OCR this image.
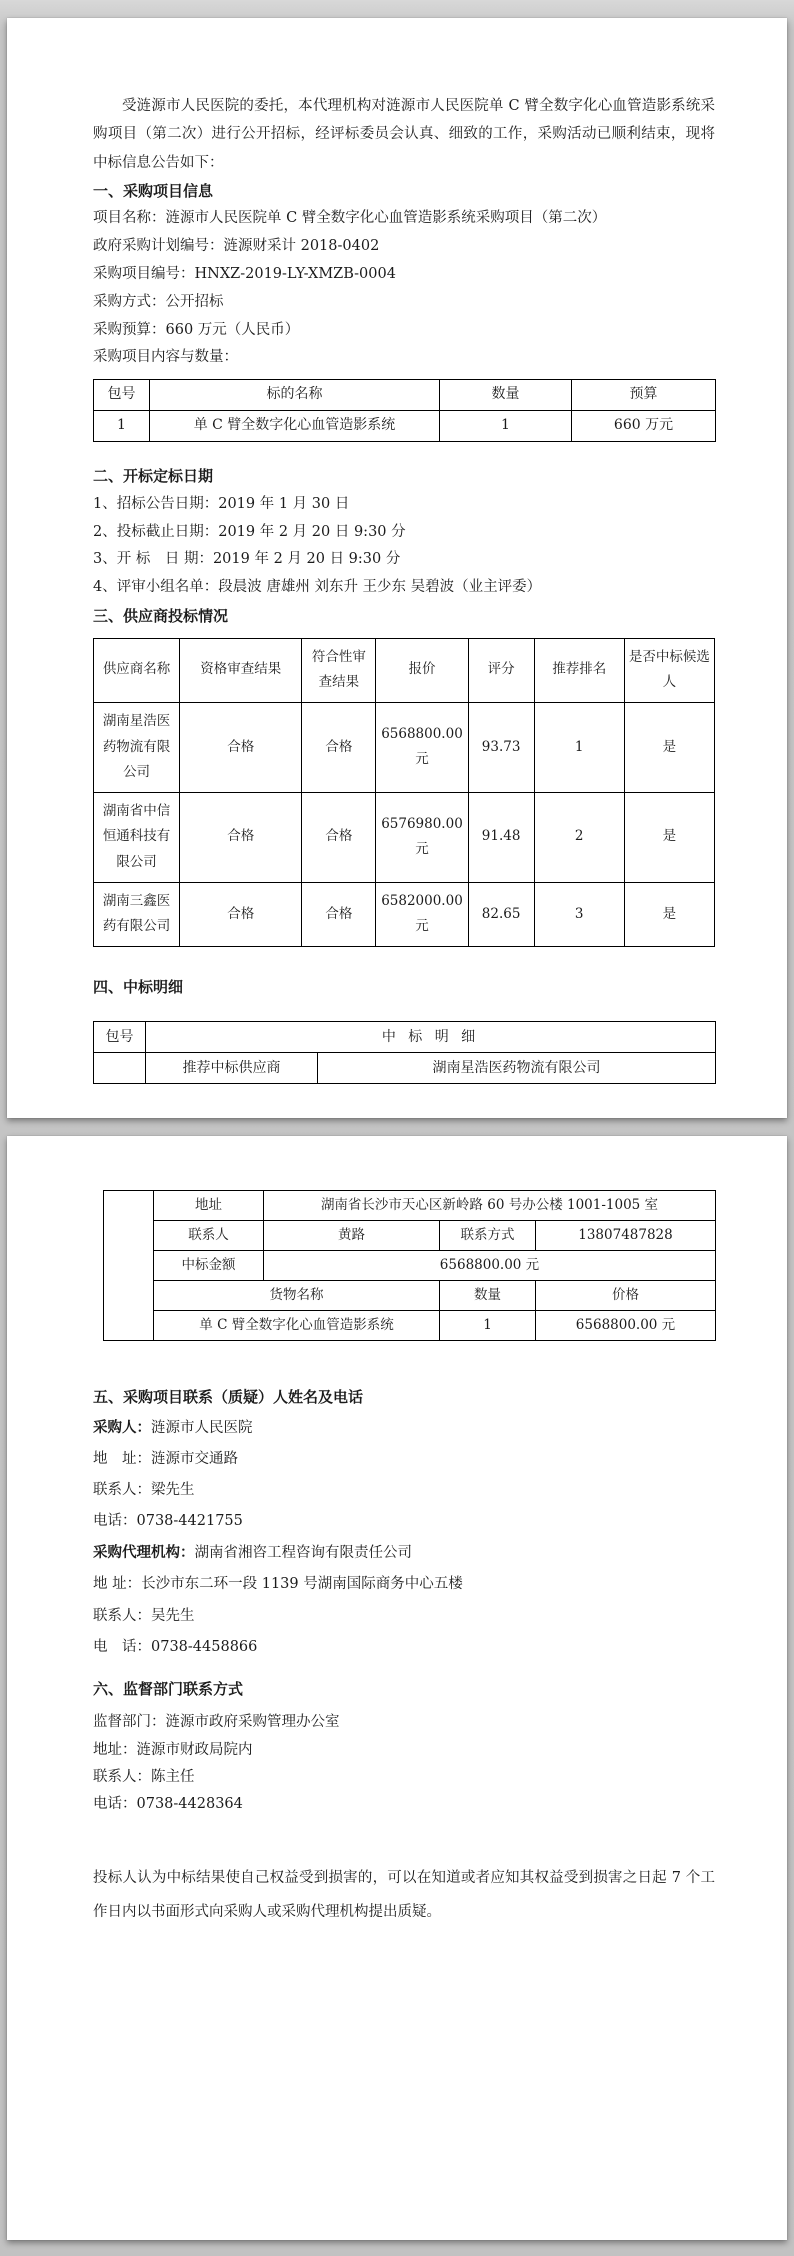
受涟源市人民医院的委托，本代理机构对涟源市人民医院单 C 臂全数字化心血管造影系统采购项目（第二次）进行公开招标，经评标委员会认真、细致的工作，采购活动已顺利结束，现将中标信息公告如下：

一、采购项目信息

项目名称：涟源市人民医院单 C 臂全数字化心血管造影系统采购项目（第二次）

政府采购计划编号：涟源财采计 2018-0402

采购项目编号：HNXZ-2019-LY-XMZB-0004

采购方式：公开招标

采购预算：660 万元（人民币）

采购项目内容与数量：

包号	标的名称	数量	预算
1	单 C 臂全数字化心血管造影系统	1	660 万元
二、开标定标日期

1、招标公告日期：2019 年 1 月 30 日

2、投标截止日期：2019 年 2 月 20 日 9:30 分

3、开 标　日 期：2019 年 2 月 20 日 9:30 分

4、评审小组名单：段晨波 唐雄州 刘东升 王少东 吴碧波（业主评委）

三、供应商投标情况
供应商名称	资格审查结果	符合性审查结果	报价	评分	推荐排名	是否中标候选人
湖南星浩医药物流有限公司	合格	合格	6568800.00 元	93.73	1	是
湖南省中信恒通科技有限公司	合格	合格	6576980.00 元	91.48	2	是
湖南三鑫医药有限公司	合格	合格	6582000.00 元	82.65	3	是
四、中标明细
包号	中 标 明 细	
	推荐中标供应商	湖南星浩医药物流有限公司
	地址	湖南省长沙市天心区新岭路 60 号办公楼 1001-1005 室		
	联系人	黄路	联系方式	13807487828
	中标金额	6568800.00 元		
	货物名称		数量	价格
	单 C 臂全数字化心血管造影系统		1	6568800.00 元
五、采购项目联系（质疑）人姓名及电话

采购人：涟源市人民医院

地　址：涟源市交通路

联系人：梁先生

电话：0738-4421755

采购代理机构：湖南省湘咨工程咨询有限责任公司

地 址：长沙市东二环一段 1139 号湖南国际商务中心五楼

联系人：吴先生

电　话：0738-4458866

六、监督部门联系方式

监督部门：涟源市政府采购管理办公室

地址：涟源市财政局院内

联系人：陈主任

电话：0738-4428364

投标人认为中标结果使自己权益受到损害的，可以在知道或者应知其权益受到损害之日起 7 个工作日内以书面形式向采购人或采购代理机构提出质疑。
